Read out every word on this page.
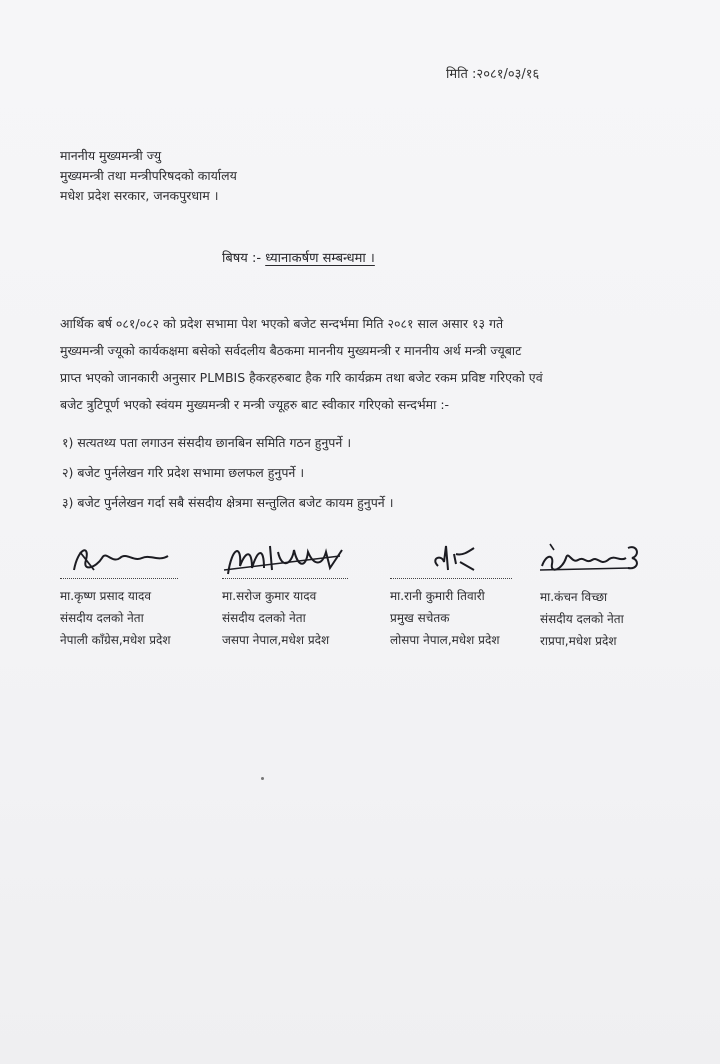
मिति :२०८१/०३/१६
माननीय मुख्यमन्त्री ज्यु
मुख्यमन्त्री तथा मन्त्रीपरिषदको कार्यालय
मधेश प्रदेश सरकार, जनकपुरधाम ।
बिषय :- ध्यानाकर्षण सम्बन्धमा ।
आर्थिक बर्ष ०८१/०८२ को प्रदेश सभामा पेश भएको बजेट सन्दर्भमा मिति २०८१ साल असार १३ गते
मुख्यमन्त्री ज्यूको कार्यकक्षमा बसेको सर्वदलीय बैठकमा माननीय मुख्यमन्त्री र माननीय अर्थ मन्त्री ज्यूबाट
प्राप्त भएको जानकारी अनुसार PLMBIS हैकरहरुबाट हैक गरि कार्यक्रम तथा बजेट रकम प्रविष्ट गरिएको एवं
बजेट त्रुटिपूर्ण भएको स्वंयम मुख्यमन्त्री र मन्त्री ज्यूहरु बाट स्वीकार गरिएको सन्दर्भमा :-
१) सत्यतथ्य पता लगाउन संसदीय छानबिन समिति गठन हुनुपर्ने ।
२) बजेट पुर्नलेखन गरि प्रदेश सभामा छलफल हुनुपर्ने ।
३) बजेट पुर्नलेखन गर्दा सबै संसदीय क्षेत्रमा सन्तुलित बजेट कायम हुनुपर्ने ।
मा.कृष्ण प्रसाद यादव
संसदीय दलको नेता
नेपाली काँग्रेस,मधेश प्रदेश
मा.सरोज कुमार यादव
संसदीय दलको नेता
जसपा नेपाल,मधेश प्रदेश
मा.रानी कुमारी तिवारी
प्रमुख सचेतक
लोसपा नेपाल,मधेश प्रदेश
मा.कंचन विच्छा
संसदीय दलको नेता
राप्रपा,मधेश प्रदेश
